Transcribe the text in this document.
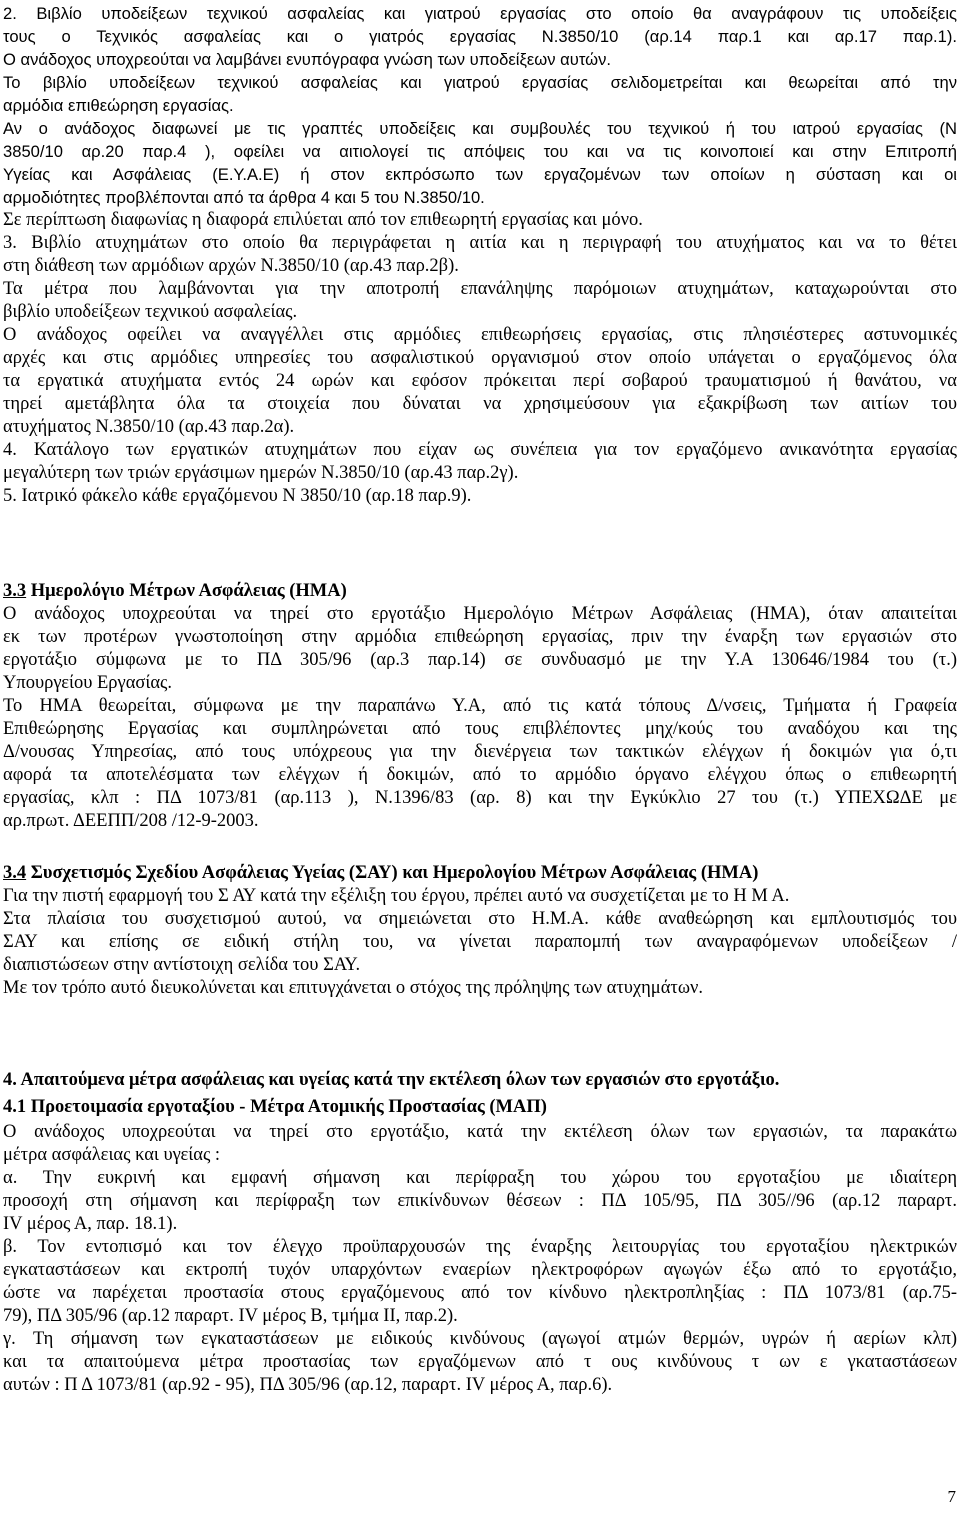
2. Βιβλίο υποδείξεων τεχνικού ασφαλείας και γιατρού εργασίας στο οποίο θα αναγράφουν τις υποδείξεις
τους ο Τεχνικός ασφαλείας και ο γιατρός εργασίας Ν.3850/10 (αρ.14 παρ.1 και αρ.17 παρ.1).
Ο ανάδοχος υποχρεούται να λαμβάνει ενυπόγραφα γνώση των υποδείξεων αυτών.
Το βιβλίο υποδείξεων τεχνικού ασφαλείας και γιατρού εργασίας σελιδομετρείται και θεωρείται από την
αρμόδια επιθεώρηση εργασίας.
Αν ο ανάδοχος διαφωνεί με τις γραπτές υποδείξεις και συμβουλές του τεχνικού ή του ιατρού εργασίας (Ν
3850/10 αρ.20 παρ.4 ), οφείλει να αιτιολογεί τις απόψεις του και να τις κοινοποιεί και στην Επιτροπή
Υγείας και Ασφάλειας (Ε.Υ.Α.Ε) ή στον εκπρόσωπο των εργαζομένων των οποίων η σύσταση και οι
αρμοδιότητες προβλέπονται από τα άρθρα 4 και 5 του Ν.3850/10.
Σε περίπτωση διαφωνίας η διαφορά επιλύεται από τον επιθεωρητή εργασίας και μόνο.
3. Βιβλίο ατυχημάτων στο οποίο θα περιγράφεται η αιτία και η περιγραφή του ατυχήματος και να το θέτει
στη διάθεση των αρμόδιων αρχών Ν.3850/10 (αρ.43 παρ.2β).
Τα μέτρα που λαμβάνονται για την αποτροπή επανάληψης παρόμοιων ατυχημάτων, καταχωρούνται στο
βιβλίο υποδείξεων τεχνικού ασφαλείας.
Ο ανάδοχος οφείλει να αναγγέλλει στις αρμόδιες επιθεωρήσεις εργασίας, στις πλησιέστερες αστυνομικές
αρχές και στις αρμόδιες υπηρεσίες του ασφαλιστικού οργανισμού στον οποίο υπάγεται ο εργαζόμενος όλα
τα εργατικά ατυχήματα εντός 24 ωρών και εφόσον πρόκειται περί σοβαρού τραυματισμού ή θανάτου, να
τηρεί αμετάβλητα όλα τα στοιχεία που δύναται να χρησιμεύσουν για εξακρίβωση των αιτίων του
ατυχήματος Ν.3850/10 (αρ.43 παρ.2α).
4. Κατάλογο των εργατικών ατυχημάτων που είχαν ως συνέπεια για τον εργαζόμενο ανικανότητα εργασίας
μεγαλύτερη των τριών εργάσιμων ημερών Ν.3850/10 (αρ.43 παρ.2γ).
5. Ιατρικό φάκελο κάθε εργαζόμενου Ν 3850/10 (αρ.18 παρ.9).
3.3 Ημερολόγιο Μέτρων Ασφάλειας (ΗΜΑ)
Ο ανάδοχος υποχρεούται να τηρεί στο εργοτάξιο Ημερολόγιο Μέτρων Ασφάλειας (ΗΜΑ), όταν απαιτείται
εκ των προτέρων γνωστοποίηση στην αρμόδια επιθεώρηση εργασίας, πριν την έναρξη των εργασιών στο
εργοτάξιο σύμφωνα με το ΠΔ 305/96 (αρ.3 παρ.14) σε συνδυασμό με την Υ.Α 130646/1984 του (τ.)
Υπουργείου Εργασίας.
Το ΗΜΑ θεωρείται, σύμφωνα με την παραπάνω Υ.Α, από τις κατά τόπους Δ/νσεις, Τμήματα ή Γραφεία
Επιθεώρησης Εργασίας και συμπληρώνεται από τους επιβλέποντες μηχ/κούς του αναδόχου και της
Δ/νουσας Υπηρεσίας, από τους υπόχρεους για την διενέργεια των τακτικών ελέγχων ή δοκιμών για ό,τι
αφορά τα αποτελέσματα των ελέγχων ή δοκιμών, από το αρμόδιο όργανο ελέγχου όπως ο επιθεωρητή
εργασίας, κλπ : ΠΔ 1073/81 (αρ.113 ), Ν.1396/83 (αρ. 8) και την Εγκύκλιο 27 του (τ.) ΥΠΕΧΩΔΕ με
αρ.πρωτ. ΔΕΕΠΠ/208 /12-9-2003.
3.4 Συσχετισμός Σχεδίου Ασφάλειας Υγείας (ΣΑΥ) και Ημερολογίου Μέτρων Ασφάλειας (ΗΜΑ)
Για την πιστή εφαρμογή του Σ ΑΥ κατά την εξέλιξη του έργου, πρέπει αυτό να συσχετίζεται με το Η Μ Α.
Στα πλαίσια του συσχετισμού αυτού, να σημειώνεται στο Η.Μ.Α. κάθε αναθεώρηση και εμπλουτισμός του
ΣΑΥ και επίσης σε ειδική στήλη του, να γίνεται παραπομπή των αναγραφόμενων υποδείξεων /
διαπιστώσεων στην αντίστοιχη σελίδα του ΣΑΥ.
Με τον τρόπο αυτό διευκολύνεται και επιτυγχάνεται ο στόχος της πρόληψης των ατυχημάτων.
4. Απαιτούμενα μέτρα ασφάλειας και υγείας κατά την εκτέλεση όλων των εργασιών στο εργοτάξιο.
4.1 Προετοιμασία εργοταξίου - Μέτρα Ατομικής Προστασίας (ΜΑΠ)
Ο ανάδοχος υποχρεούται να τηρεί στο εργοτάξιο, κατά την εκτέλεση όλων των εργασιών, τα παρακάτω
μέτρα ασφάλειας και υγείας :
α. Την ευκρινή και εμφανή σήμανση και περίφραξη του χώρου του εργοταξίου με ιδιαίτερη
προσοχή στη σήμανση και περίφραξη των επικίνδυνων θέσεων : ΠΔ 105/95, ΠΔ 305//96 (αρ.12 παραρτ.
IV μέρος Α, παρ. 18.1).
β. Τον εντοπισμό και τον έλεγχο προϋπαρχουσών της έναρξης λειτουργίας του εργοταξίου ηλεκτρικών
εγκαταστάσεων και εκτροπή τυχόν υπαρχόντων εναερίων ηλεκτροφόρων αγωγών έξω από το εργοτάξιο,
ώστε να παρέχεται προστασία στους εργαζόμενους από τον κίνδυνο ηλεκτροπληξίας : ΠΔ 1073/81 (αρ.75-
79), ΠΔ 305/96 (αρ.12 παραρτ. IV μέρος Β, τμήμα ΙΙ, παρ.2).
γ. Τη σήμανση των εγκαταστάσεων με ειδικούς κινδύνους (αγωγοί ατμών θερμών, υγρών ή αερίων κλπ)
και τα απαιτούμενα μέτρα προστασίας των εργαζόμενων από τ ους κινδύνους τ ων ε γκαταστάσεων
αυτών : Π Δ 1073/81 (αρ.92 - 95), ΠΔ 305/96 (αρ.12, παραρτ. IV μέρος Α, παρ.6).
7
